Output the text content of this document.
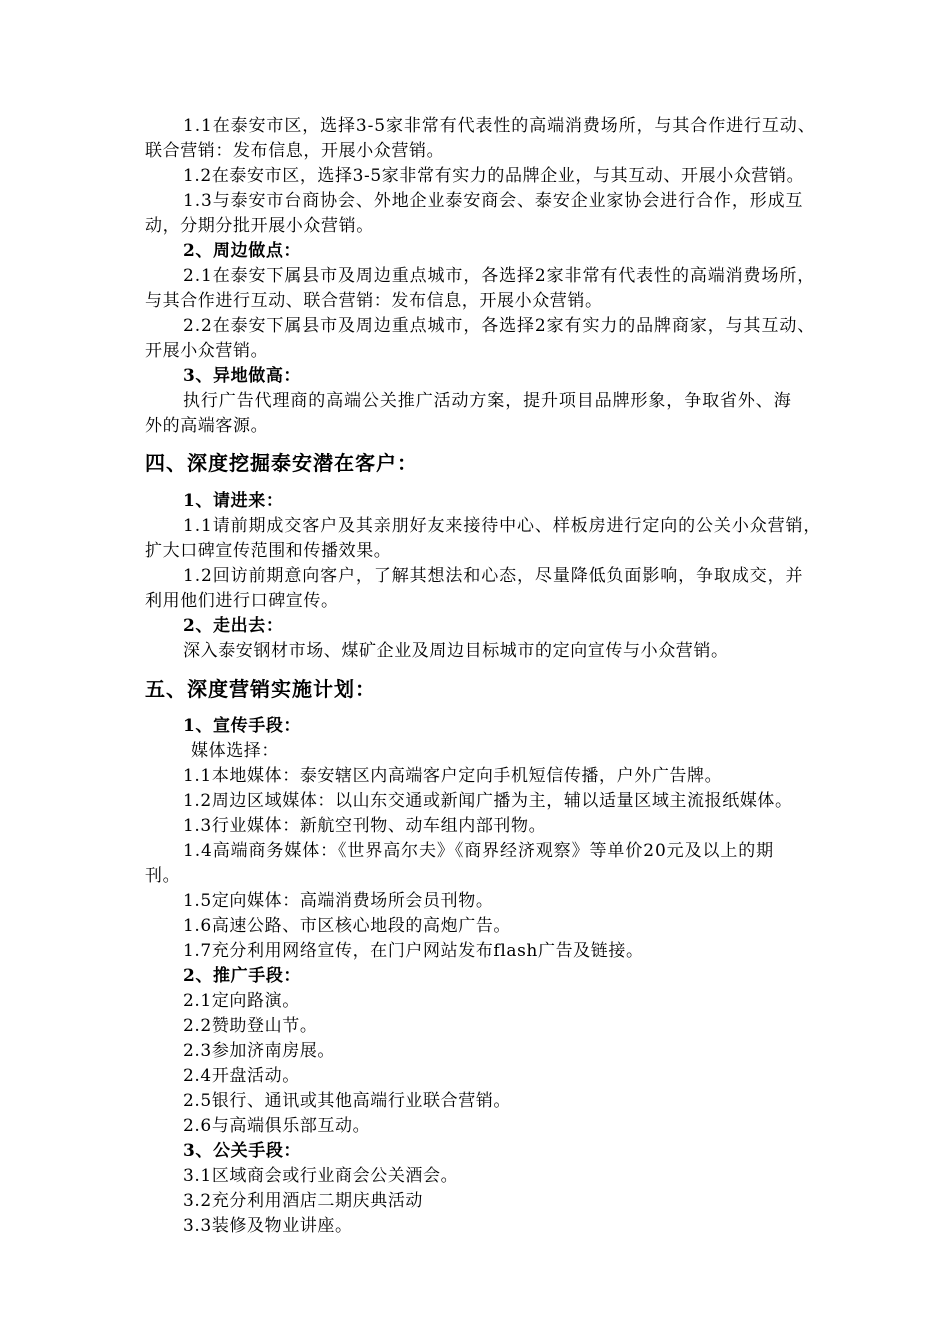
1.1在泰安市区，选择3-5家非常有代表性的高端消费场所，与其合作进行互动、
联合营销：发布信息，开展小众营销。
1.2在泰安市区，选择3-5家非常有实力的品牌企业，与其互动、开展小众营销。
1.3与泰安市台商协会、外地企业泰安商会、泰安企业家协会进行合作，形成互
动，分期分批开展小众营销。
2、周边做点：
2.1在泰安下属县市及周边重点城市，各选择2家非常有代表性的高端消费场所，
与其合作进行互动、联合营销：发布信息，开展小众营销。
2.2在泰安下属县市及周边重点城市，各选择2家有实力的品牌商家，与其互动、
开展小众营销。
3、异地做高：
执行广告代理商的高端公关推广活动方案，提升项目品牌形象，争取省外、海
外的高端客源。
四、深度挖掘泰安潜在客户：
1、请进来：
1.1请前期成交客户及其亲朋好友来接待中心、样板房进行定向的公关小众营销，
扩大口碑宣传范围和传播效果。
1.2回访前期意向客户，了解其想法和心态，尽量降低负面影响，争取成交，并
利用他们进行口碑宣传。
2、走出去：
深入泰安钢材市场、煤矿企业及周边目标城市的定向宣传与小众营销。
五、深度营销实施计划：
1、宣传手段：
媒体选择：
1.1本地媒体：泰安辖区内高端客户定向手机短信传播，户外广告牌。
1.2周边区域媒体：以山东交通或新闻广播为主，辅以适量区域主流报纸媒体。
1.3行业媒体：新航空刊物、动车组内部刊物。
1.4高端商务媒体：《世界高尔夫》《商界经济观察》等单价20元及以上的期
刊。
1.5定向媒体：高端消费场所会员刊物。
1.6高速公路、市区核心地段的高炮广告。
1.7充分利用网络宣传，在门户网站发布flash广告及链接。
2、推广手段：
2.1定向路演。
2.2赞助登山节。
2.3参加济南房展。
2.4开盘活动。
2.5银行、通讯或其他高端行业联合营销。
2.6与高端俱乐部互动。
3、公关手段：
3.1区域商会或行业商会公关酒会。
3.2充分利用酒店二期庆典活动
3.3装修及物业讲座。
